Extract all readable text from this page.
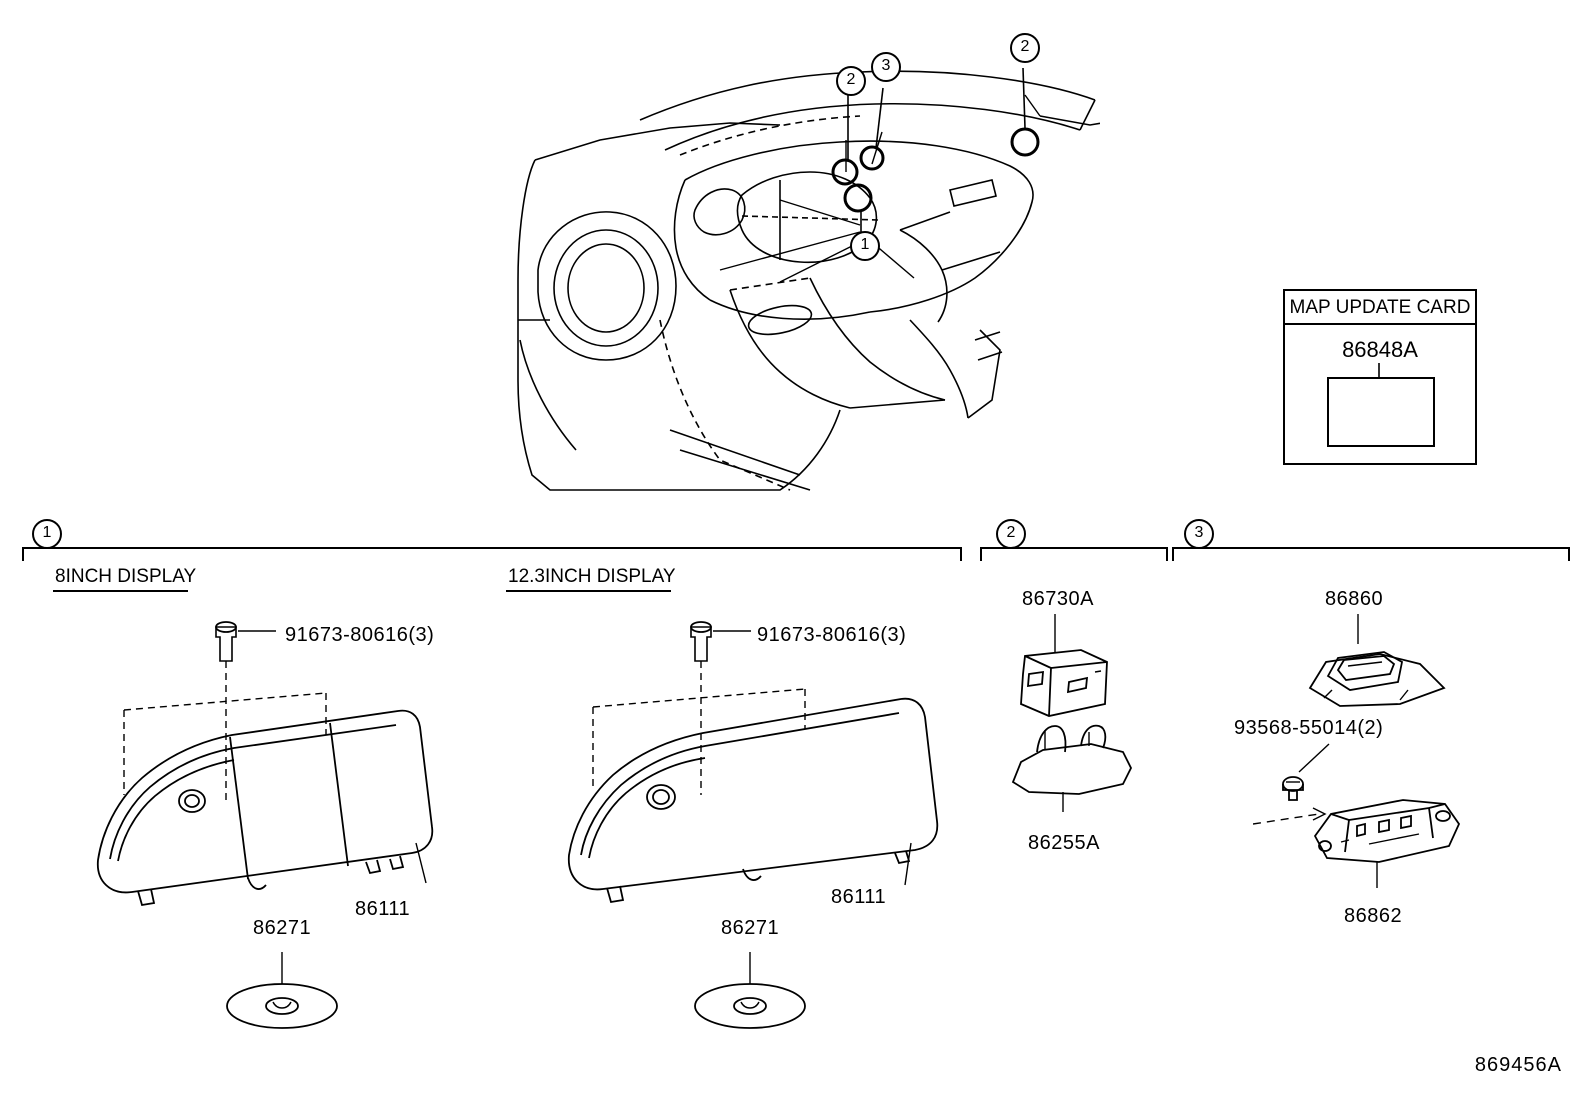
2
3
2
1
MAP UPDATE CARD
86848A
1	2	3
8INCH DISPLAY	12.3INCH DISPLAY
91673-80616(3)
86111
86271
91673-80616(3)
86111
86271
86730A
86255A
86860
93568-55014(2)
86862
869456A
